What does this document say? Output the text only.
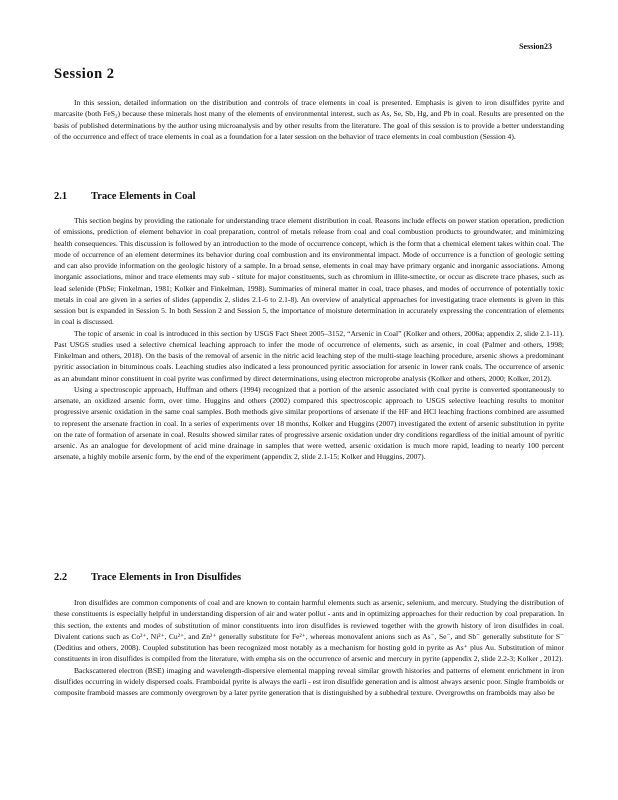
Session23
Session 2

In this session, detailed information on the distribution and controls of trace elements in coal is presented. Emphasis is given to iron disulfides pyrite and marcasite (both FeS₂) because these minerals host many of the elements of environmental interest, such as As, Se, Sb, Hg, and Pb in coal. Results are presented on the basis of published determinations by the author using microanalysis and by other results from the literature. The goal of this session is to provide a better understanding of the occurrence and effect of trace elements in coal as a foundation for a later session on the behavior of trace elements in coal combustion (Session 4).

2.1 Trace Elements in Coal

This section begins by providing the rationale for understanding trace element distribution in coal. Reasons include effects on power station operation, prediction of emissions, prediction of element behavior in coal preparation, control of metals release from coal and coal combustion products to groundwater, and minimizing health consequences. This discussion is followed by an introduction to the mode of occurrence concept, which is the form that a chemical element takes within coal. The mode of occurrence of an element determines its behavior during coal combustion and its environmental impact. Mode of occurrence is a function of geologic setting and can also provide information on the geologic history of a sample. In a broad sense, elements in coal may have primary organic and inorganic associations. Among inorganic associations, minor and trace elements may sub - stitute for major constituents, such as chromium in illite-smectite, or occur as discrete trace phases, such as lead selenide (PbSe; Finkelman, 1981; Kolker and Finkelman, 1998). Summaries of mineral matter in coal, trace phases, and modes of occurrence of potentially toxic metals in coal are given in a series of slides (appendix 2, slides 2.1-6 to 2.1-8). An overview of analytical approaches for investigating trace elements is given in this session but is expanded in Session 5. In both Session 2 and Session 5, the importance of moisture determination in accurately expressing the concentration of elements in coal is discussed.

The topic of arsenic in coal is introduced in this section by USGS Fact Sheet 2005–3152, “Arsenic in Coal” (Kolker and others, 2006a; appendix 2, slide 2.1-11). Past USGS studies used a selective chemical leaching approach to infer the mode of occurrence of elements, such as arsenic, in coal (Palmer and others, 1998; Finkelman and others, 2018). On the basis of the removal of arsenic in the nitric acid leaching step of the multi-stage leaching procedure, arsenic shows a predominant pyritic association in bituminous coals. Leaching studies also indicated a less pronounced pyritic association for arsenic in lower rank coals. The occurrence of arsenic as an abundant minor constituent in coal pyrite was confirmed by direct determinations, using electron microprobe analysis (Kolker and others, 2000; Kolker, 2012).

Using a spectroscopic approach, Huffman and others (1994) recognized that a portion of the arsenic associated with coal pyrite is converted spontaneously to arsenate, an oxidized arsenic form, over time. Huggins and others (2002) compared this spectroscopic approach to USGS selective leaching results to monitor progressive arsenic oxidation in the same coal samples. Both methods give similar proportions of arsenate if the HF and HCl leaching fractions combined are assumed to represent the arsenate fraction in coal. In a series of experiments over 18 months, Kolker and Huggins (2007) investigated the extent of arsenic substitution in pyrite on the rate of formation of arsenate in coal. Results showed similar rates of progressive arsenic oxidation under dry conditions regardless of the initial amount of pyritic arsenic. As an analogue for development of acid mine drainage in samples that were wetted, arsenic oxidation is much more rapid, leading to nearly 100 percent arsenate, a highly mobile arsenic form, by the end of the experiment (appendix 2, slide 2.1-15; Kolker and Huggins, 2007).

2.2 Trace Elements in Iron Disulfides

Iron disulfides are common components of coal and are known to contain harmful elements such as arsenic, selenium, and mercury. Studying the distribution of these constituents is especially helpful in understanding dispersion of air and water pollut - ants and in optimizing approaches for their reduction by coal preparation. In this section, the extents and modes of substitution of minor constituents into iron disulfides is reviewed together with the growth history of iron disulfides in coal. Divalent cations such as Co²⁺, Ni²⁺, Cu²⁺, and Zn²⁺ generally substitute for Fe²⁺, whereas monovalent anions such as As⁻, Se⁻, and Sb⁻ generally substitute for S⁻ (Deditius and others, 2008). Coupled substitution has been recognized most notably as a mechanism for hosting gold in pyrite as As⁺ plus Au. Substitution of minor constituents in iron disulfides is compiled from the literature, with empha sis on the occurrence of arsenic and mercury in pyrite (appendix 2, slide 2.2-3; Kolker , 2012).

Backscattered electron (BSE) imaging and wavelength-dispersive elemental mapping reveal similar growth histories and patterns of element enrichment in iron disulfides occurring in widely dispersed coals. Framboidal pyrite is always the earli - est iron disulfide generation and is almost always arsenic poor. Single framboids or composite framboid masses are commonly overgrown by a later pyrite generation that is distinguished by a subhedral texture. Overgrowths on framboids may also be
